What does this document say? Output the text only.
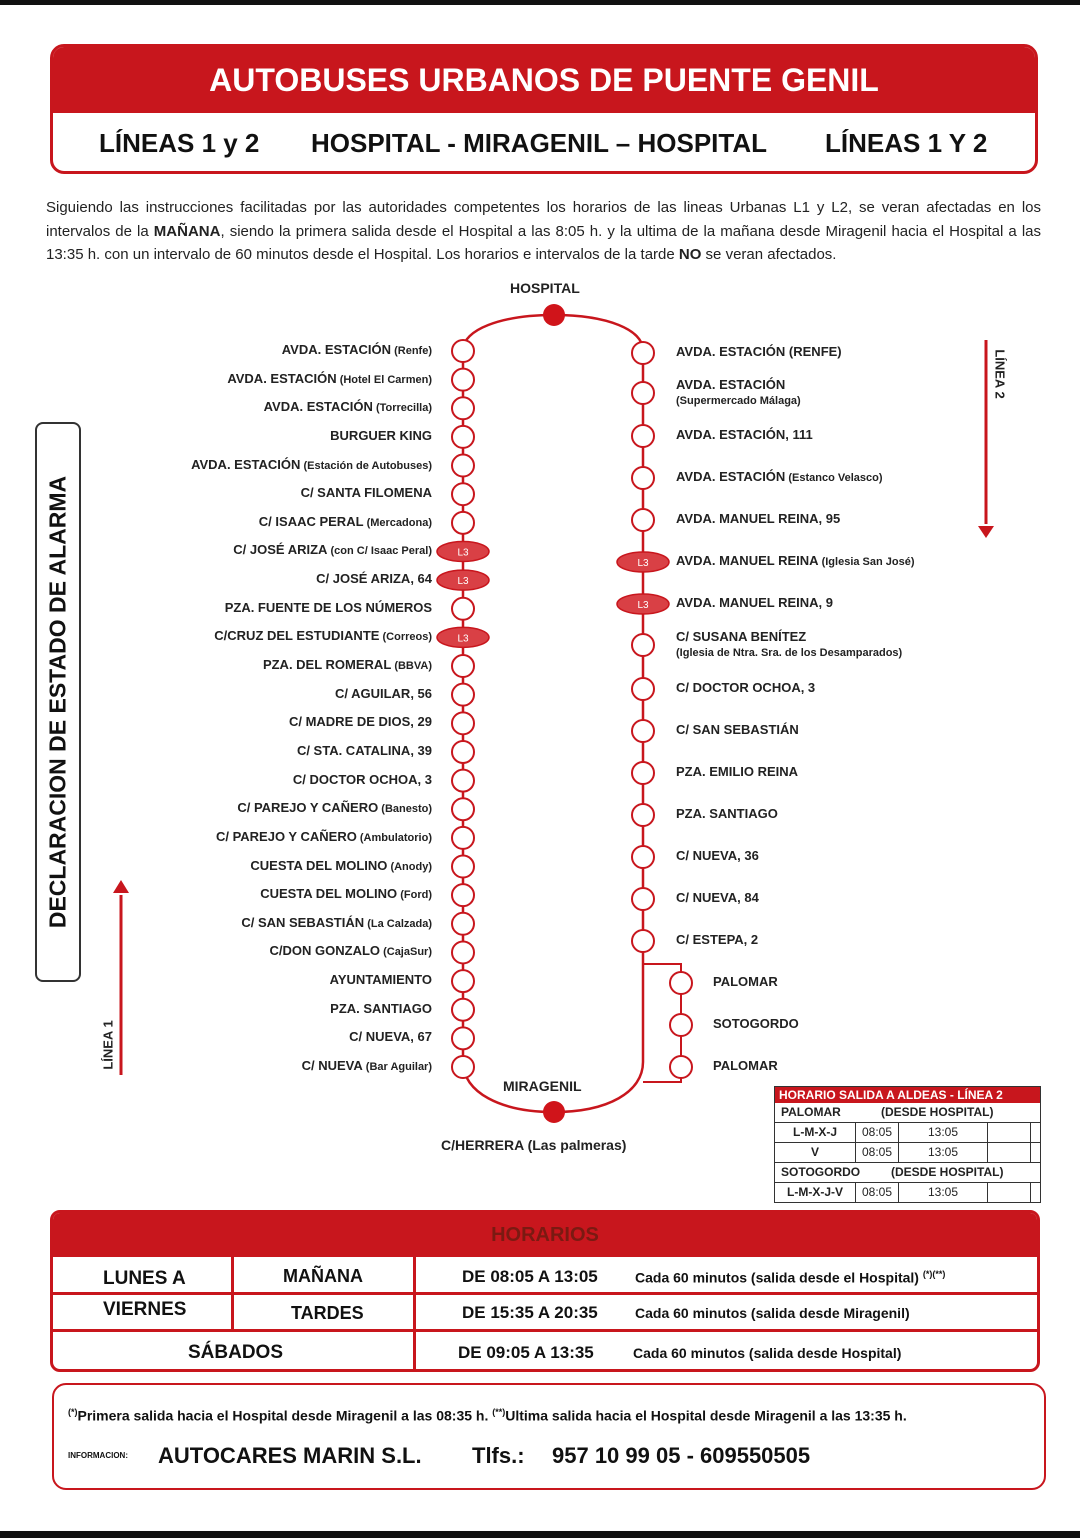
AUTOBUSES URBANOS DE PUENTE GENIL
LÍNEAS 1 y 2 HOSPITAL - MIRAGENIL – HOSPITAL LÍNEAS 1 Y 2
Siguiendo las instrucciones facilitadas por las autoridades competentes los horarios de las lineas Urbanas L1 y L2, se veran afectadas en los intervalos de la MAÑANA, siendo la primera salida desde el Hospital a las 8:05 h. y la ultima de la mañana desde Miragenil hacia el Hospital a las 13:35 h. con un intervalo de 60 minutos desde el Hospital. Los horarios e intervalos de la tarde NO se veran afectados.
L3
L3
L3
L3
L3
HOSPITAL
MIRAGENIL
C/HERRERA (Las palmeras)
AVDA. ESTACIÓN (Renfe)
AVDA. ESTACIÓN (Hotel El Carmen)
AVDA. ESTACIÓN (Torrecilla)
BURGUER KING
AVDA. ESTACIÓN (Estación de Autobuses)
C/ SANTA FILOMENA
C/ ISAAC PERAL (Mercadona)
C/ JOSÉ ARIZA (con C/ Isaac Peral)
C/ JOSÉ ARIZA, 64
PZA. FUENTE DE LOS NÚMEROS
C/CRUZ DEL ESTUDIANTE (Correos)
PZA. DEL ROMERAL (BBVA)
C/ AGUILAR, 56
C/ MADRE DE DIOS, 29
C/ STA. CATALINA, 39
C/ DOCTOR OCHOA, 3
C/ PAREJO Y CAÑERO (Banesto)
C/ PAREJO Y CAÑERO (Ambulatorio)
CUESTA DEL MOLINO (Anody)
CUESTA DEL MOLINO (Ford)
C/ SAN SEBASTIÁN (La Calzada)
C/DON GONZALO (CajaSur)
AYUNTAMIENTO
PZA. SANTIAGO
C/ NUEVA, 67
C/ NUEVA (Bar Aguilar)
AVDA. ESTACIÓN (RENFE)
AVDA. ESTACIÓN
(Supermercado Málaga)
AVDA. ESTACIÓN, 111
AVDA. ESTACIÓN (Estanco Velasco)
AVDA. MANUEL REINA, 95
AVDA. MANUEL REINA (Iglesia San José)
AVDA. MANUEL REINA, 9
C/ SUSANA BENÍTEZ
(Iglesia de Ntra. Sra. de los Desamparados)
C/ DOCTOR OCHOA, 3
C/ SAN SEBASTIÁN
PZA. EMILIO REINA
PZA. SANTIAGO
C/ NUEVA, 36
C/ NUEVA, 84
C/ ESTEPA, 2
PALOMAR
SOTOGORDO
PALOMAR
DECLARACION DE ESTADO DE ALARMA
LÍNEA 1
LÍNEA 2
HORARIO SALIDA A ALDEAS - LÍNEA 2
PALOMAR	(DESDE HOSPITAL)
L-M-X-J	08:05	13:05
V	08:05	13:05
SOTOGORDO	(DESDE HOSPITAL)
L-M-X-J-V	08:05	13:05
HORARIOS
LUNES A
VIERNES
MAÑANA	DE 08:05 A 13:05	Cada 60 minutos (salida desde el Hospital) (*)(**)
TARDES	DE 15:35 A 20:35	Cada 60 minutos (salida desde Miragenil)
SÁBADOS	DE 09:05 A 13:35	Cada 60 minutos (salida desde Hospital)
(*)Primera salida hacia el Hospital desde Miragenil a las 08:35 h. (**)Ultima salida hacia el Hospital desde Miragenil a las 13:35 h.
INFORMACION: AUTOCARES MARIN S.L. Tlfs.: 957 10 99 05 - 609550505
